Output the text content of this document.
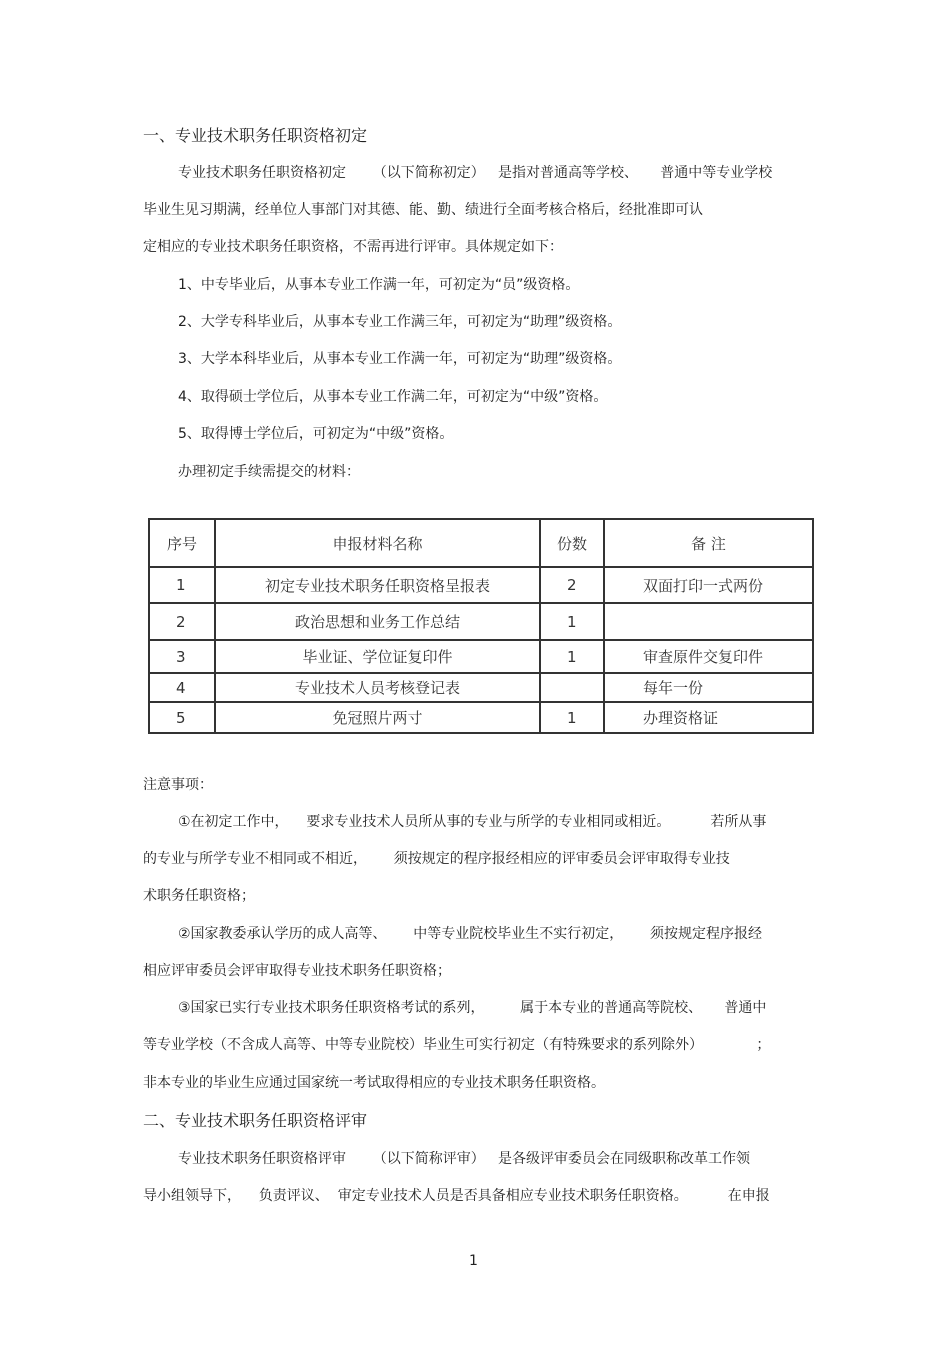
一、专业技术职务任职资格初定
专业技术职务任职资格初定      （以下简称初定）   是指对普通高等学校、     普通中等专业学校
毕业生见习期满，经单位人事部门对其德、能、勤、绩进行全面考核合格后，经批准即可认
定相应的专业技术职务任职资格，不需再进行评审。具体规定如下：
1、中专毕业后，从事本专业工作满一年，可初定为“员”级资格。
2、大学专科毕业后，从事本专业工作满三年，可初定为“助理”级资格。
3、大学本科毕业后，从事本专业工作满一年，可初定为“助理”级资格。
4、取得硕士学位后，从事本专业工作满二年，可初定为“中级”资格。
5、取得博士学位后，可初定为“中级”资格。
办理初定手续需提交的材料：
序号	申报材料名称	份数	备 注
1	初定专业技术职务任职资格呈报表	2	双面打印一式两份
2	政治思想和业务工作总结	1	
3	毕业证、学位证复印件	1	审查原件交复印件
4	专业技术人员考核登记表		每年一份
5	免冠照片两寸	1	办理资格证
注意事项：
①在初定工作中，    要求专业技术人员所从事的专业与所学的专业相同或相近。         若所从事
的专业与所学专业不相同或不相近，      须按规定的程序报经相应的评审委员会评审取得专业技
术职务任职资格；
②国家教委承认学历的成人高等、      中等专业院校毕业生不实行初定，      须按规定程序报经
相应评审委员会评审取得专业技术职务任职资格；
③国家已实行专业技术职务任职资格考试的系列，        属于本专业的普通高等院校、     普通中
等专业学校（不含成人高等、中等专业院校）毕业生可实行初定（有特殊要求的系列除外）            ；
非本专业的毕业生应通过国家统一考试取得相应的专业技术职务任职资格。
二、专业技术职务任职资格评审
专业技术职务任职资格评审      （以下简称评审）   是各级评审委员会在同级职称改革工作领
导小组领导下，    负责评议、  审定专业技术人员是否具备相应专业技术职务任职资格。         在申报
1
